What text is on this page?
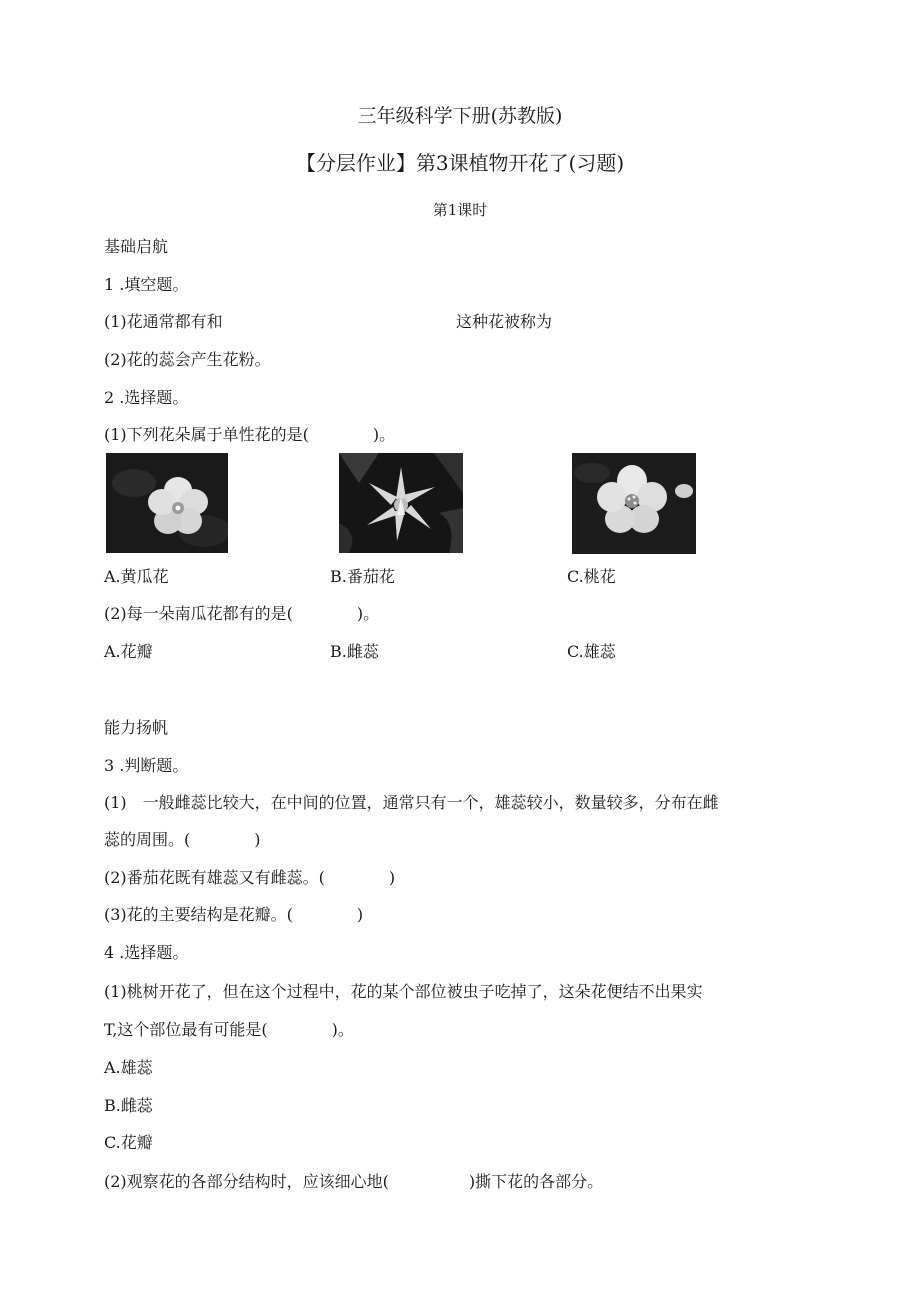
三年级科学下册(苏教版)
【分层作业】第3课植物开花了(习题)
第1课时
基础启航
1 .填空题。
(1)花通常都有和	这种花被称为
(2)花的蕊会产生花粉。
2 .选择题。
(1)下列花朵属于单性花的是(　　　　)。
A.黄瓜花	B.番茄花	C.桃花
(2)每一朵南瓜花都有的是(　　　　)。
A.花瓣	B.雌蕊	C.雄蕊
能力扬帆
3 .判断题。
(1)　一般雌蕊比较大，在中间的位置，通常只有一个，雄蕊较小，数量较多，分布在雌
蕊的周围。(　　　　)
(2)番茄花既有雄蕊又有雌蕊。(　　　　)
(3)花的主要结构是花瓣。(　　　　)
4 .选择题。
(1)桃树开花了，但在这个过程中，花的某个部位被虫子吃掉了，这朵花便结不出果实
T,这个部位最有可能是(　　　　)。
A.雄蕊
B.雌蕊
C.花瓣
(2)观察花的各部分结构时，应该细心地(　　　　　)撕下花的各部分。
